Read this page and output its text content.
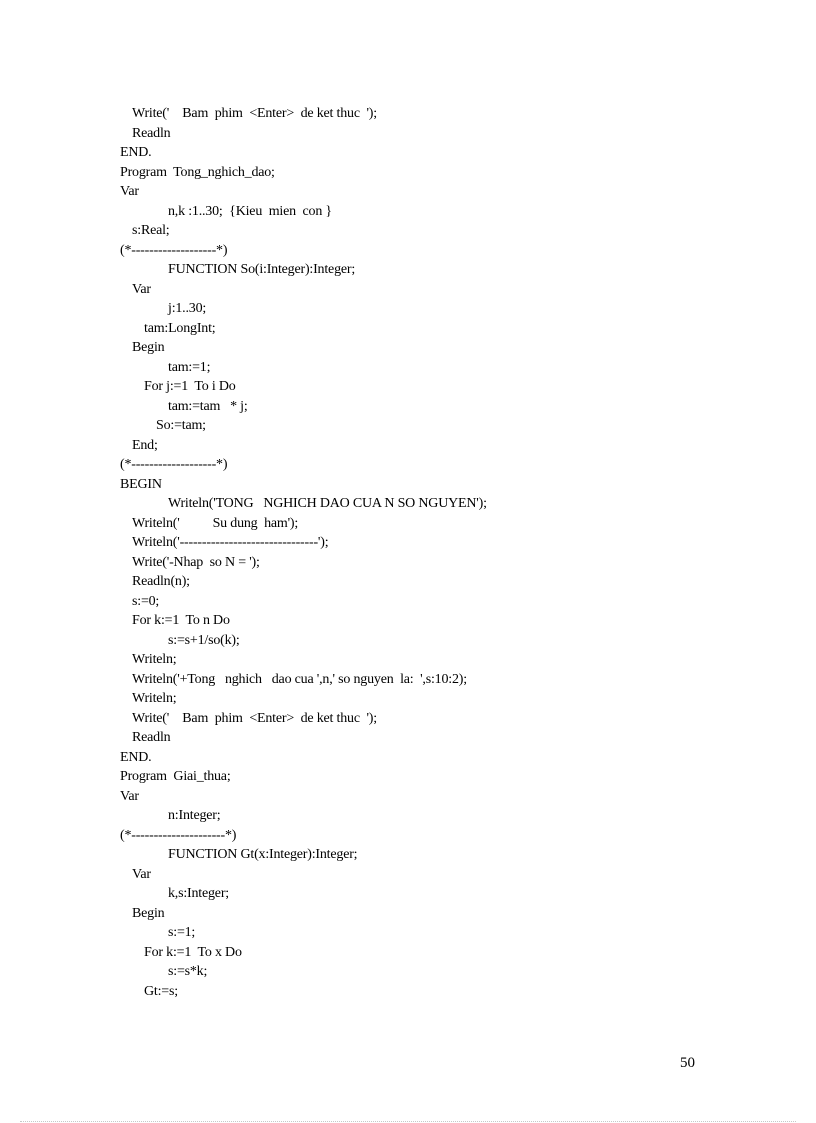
Write('    Bam  phim  <Enter>  de ket thuc  ');
Readln
END.
Program  Tong_nghich_dao;
Var
n,k :1..30;  {Kieu  mien  con }
s:Real;
(*-------------------*)
FUNCTION So(i:Integer):Integer;
Var
j:1..30;
tam:LongInt;
Begin
tam:=1;
For j:=1  To i Do
tam:=tam   * j;
So:=tam;
End;
(*-------------------*)
BEGIN
Writeln('TONG   NGHICH DAO CUA N SO NGUYEN');
Writeln('          Su dung  ham');
Writeln('-------------------------------');
Write('-Nhap  so N = ');
Readln(n);
s:=0;
For k:=1  To n Do
s:=s+1/so(k);
Writeln;
Writeln('+Tong   nghich   dao cua ',n,' so nguyen  la:  ',s:10:2);
Writeln;
Write('    Bam  phim  <Enter>  de ket thuc  ');
Readln
END.
Program  Giai_thua;
Var
n:Integer;
(*---------------------*)
FUNCTION Gt(x:Integer):Integer;
Var
k,s:Integer;
Begin
s:=1;
For k:=1  To x Do
s:=s*k;
Gt:=s;
50
